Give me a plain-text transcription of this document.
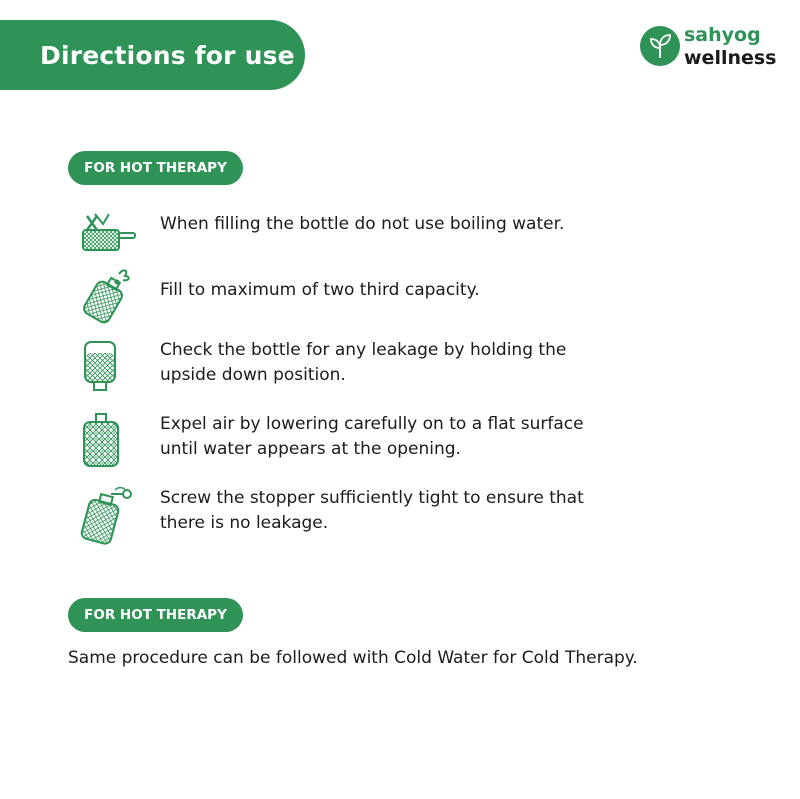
Directions for use
sahyog
wellness
FOR HOT THERAPY
When filling the bottle do not use boiling water.
Fill to maximum of two third capacity.
Check the bottle for any leakage by holding the
upside down position.
Expel air by lowering carefully on to a flat surface
until water appears at the opening.
Screw the stopper sufficiently tight to ensure that
there is no leakage.
FOR HOT THERAPY
Same procedure can be followed with Cold Water for Cold Therapy.
